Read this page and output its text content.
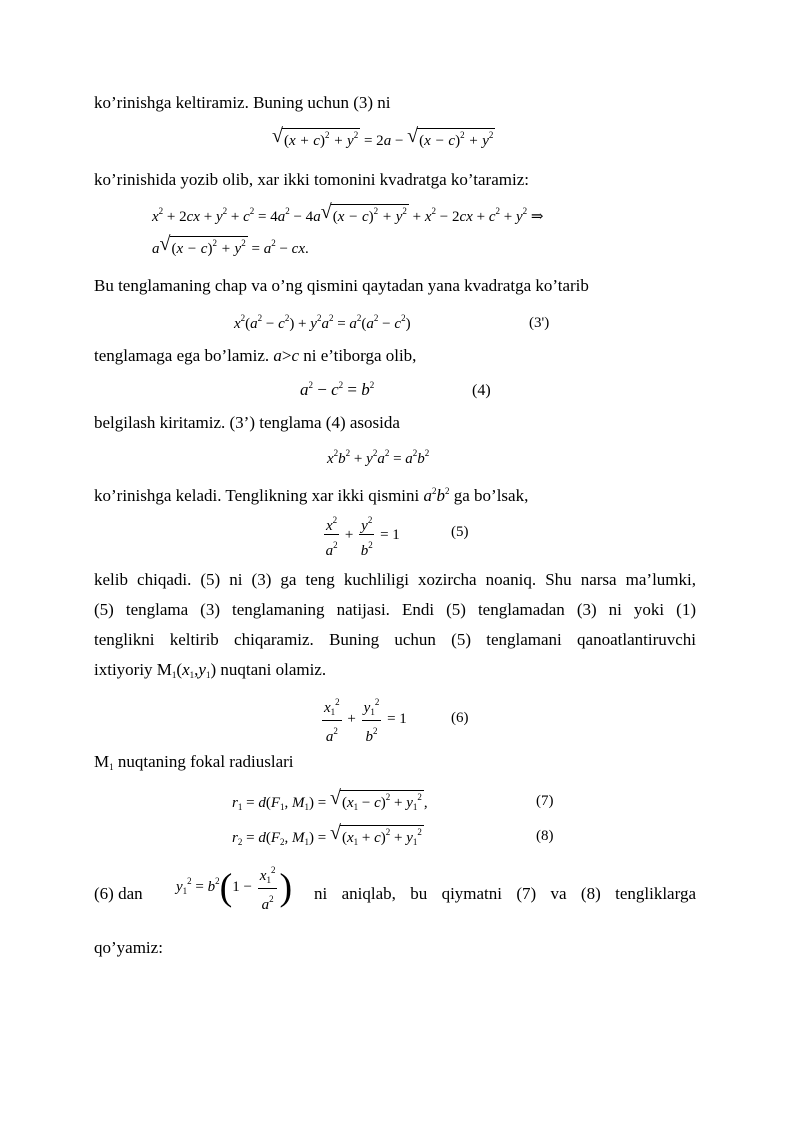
ko’rinishga keltiramiz. Buning uchun (3) ni
√ $(x + c)^2 + y^2 = 2a$ − √ $(x - c)^2 + y^2$
ko’rinishida yozib olib, xar ikki tomonini kvadratga ko’taramiz:
$x^2 + 2cx + y^2 + c^2 = 4a^2 - 4a$ √ $(x - c)^2 + y^2 + x^2 - 2cx + c^2 + y^2$ ⇒
a √ $(x - c)^2 + y^2 = a^2$ − cx.
Bu tenglamaning chap va o’ng qismini qaytadan yana kvadratga ko’tarib
$x^2(a^2 - c^2) + y^2a^2 = a^2(a^2 - c^2)$	(3')
tenglamaga ega bo’lamiz. a>c ni e’tiborga olib,
$a^2 - c^2 = b^2$	(4)
belgilash kiritamiz. (3’) tenglama (4) asosida
$x^2b^2 + y^2a^2 = a^2b^2$
ko’rinishga keladi. Tenglikning xar ikki qismini $a^2b^2$ ga bo’lsak,
$\frac{x^2}{a^2} + \frac{y^2}{b^2} = 1$	(5)
kelib chiqadi. (5) ni (3) ga teng kuchliligi xozircha noaniq. Shu narsa ma’lumki,
(5) tenglama (3) tenglamaning natijasi. Endi (5) tenglamadan (3) ni yoki (1)
tenglikni keltirib chiqaramiz. Buning uchun (5) tenglamani qanoatlantiruvchi
ixtiyoriy $M_1(x_1,y_1)$ nuqtani olamiz.
$\frac{x_1^2}{a^2} + \frac{y_1^2}{b^2} = 1$	(6)
$M_1$ nuqtaning fokal radiuslari
$r_1 = d(F_1$, $M_1$) = √ $(x_1 - c)^2 + y_1^2$ ,	(7)
$r_2 = d(F_2$, $M_1$) = √ $(x_1 + c)^2 + y_1^2$	(8)
(6) dan $y_1^2 = b^2(1 - \frac{x_1^2}{a^2}$ ) ni aniqlab, bu qiymatni (7) va (8) tengliklarga
qo’yamiz:
